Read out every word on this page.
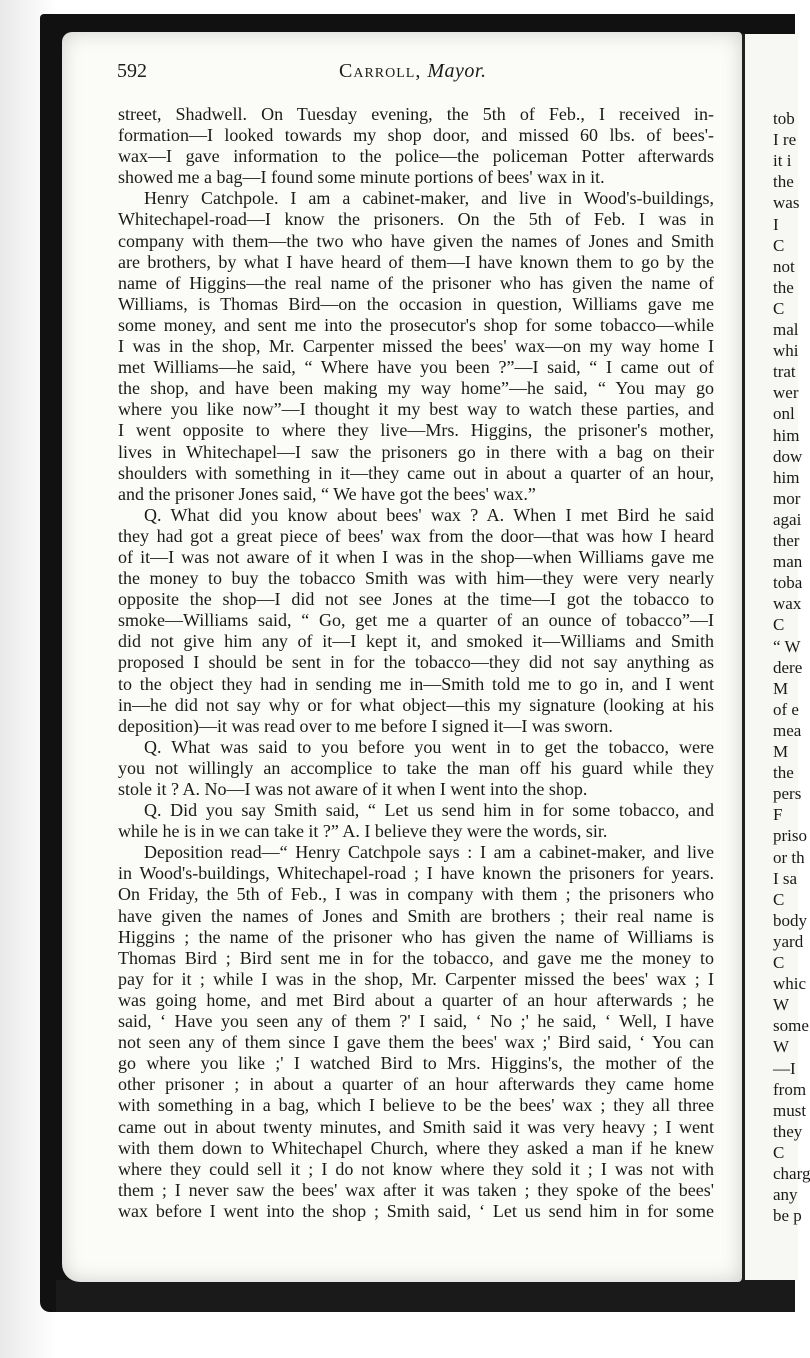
tob
I re
it i
the
was
I
C
not
the
C
mal
whi
trat
wer
onl
him
dow
him
mor
agai
ther
man
toba
wax
C
“ W
dere
M
of e
mea
M
the
pers
F
priso
or th
I sa
C
body
yard
C
whic
W
some
W
—I
from
must
they
C
charg
any
be p
592	Carroll, Mayor.
street, Shadwell. On Tuesday evening, the 5th of Feb., I received in-
formation—I looked towards my shop door, and missed 60 lbs. of bees'-
wax—I gave information to the police—the policeman Potter afterwards
showed me a bag—I found some minute portions of bees' wax in it.
Henry Catchpole. I am a cabinet-maker, and live in Wood's-buildings,
Whitechapel-road—I know the prisoners. On the 5th of Feb. I was in
company with them—the two who have given the names of Jones and Smith
are brothers, by what I have heard of them—I have known them to go by the
name of Higgins—the real name of the prisoner who has given the name of
Williams, is Thomas Bird—on the occasion in question, Williams gave me
some money, and sent me into the prosecutor's shop for some tobacco—while
I was in the shop, Mr. Carpenter missed the bees' wax—on my way home I
met Williams—he said, “ Where have you been ?”—I said, “ I came out of
the shop, and have been making my way home”—he said, “ You may go
where you like now”—I thought it my best way to watch these parties, and
I went opposite to where they live—Mrs. Higgins, the prisoner's mother,
lives in Whitechapel—I saw the prisoners go in there with a bag on their
shoulders with something in it—they came out in about a quarter of an hour,
and the prisoner Jones said, “ We have got the bees' wax.”
Q. What did you know about bees' wax ? A. When I met Bird he said
they had got a great piece of bees' wax from the door—that was how I heard
of it—I was not aware of it when I was in the shop—when Williams gave me
the money to buy the tobacco Smith was with him—they were very nearly
opposite the shop—I did not see Jones at the time—I got the tobacco to
smoke—Williams said, “ Go, get me a quarter of an ounce of tobacco”—I
did not give him any of it—I kept it, and smoked it—Williams and Smith
proposed I should be sent in for the tobacco—they did not say anything as
to the object they had in sending me in—Smith told me to go in, and I went
in—he did not say why or for what object—this my signature (looking at his
deposition)—it was read over to me before I signed it—I was sworn.
Q. What was said to you before you went in to get the tobacco, were
you not willingly an accomplice to take the man off his guard while they
stole it ? A. No—I was not aware of it when I went into the shop.
Q. Did you say Smith said, “ Let us send him in for some tobacco, and
while he is in we can take it ?” A. I believe they were the words, sir.
Deposition read—“ Henry Catchpole says : I am a cabinet-maker, and live
in Wood's-buildings, Whitechapel-road ; I have known the prisoners for years.
On Friday, the 5th of Feb., I was in company with them ; the prisoners who
have given the names of Jones and Smith are brothers ; their real name is
Higgins ; the name of the prisoner who has given the name of Williams is
Thomas Bird ; Bird sent me in for the tobacco, and gave me the money to
pay for it ; while I was in the shop, Mr. Carpenter missed the bees' wax ; I
was going home, and met Bird about a quarter of an hour afterwards ; he
said, ‘ Have you seen any of them ?' I said, ‘ No ;' he said, ‘ Well, I have
not seen any of them since I gave them the bees' wax ;' Bird said, ‘ You can
go where you like ;' I watched Bird to Mrs. Higgins's, the mother of the
other prisoner ; in about a quarter of an hour afterwards they came home
with something in a bag, which I believe to be the bees' wax ; they all three
came out in about twenty minutes, and Smith said it was very heavy ; I went
with them down to Whitechapel Church, where they asked a man if he knew
where they could sell it ; I do not know where they sold it ; I was not with
them ; I never saw the bees' wax after it was taken ; they spoke of the bees'
wax before I went into the shop ; Smith said, ‘ Let us send him in for some
